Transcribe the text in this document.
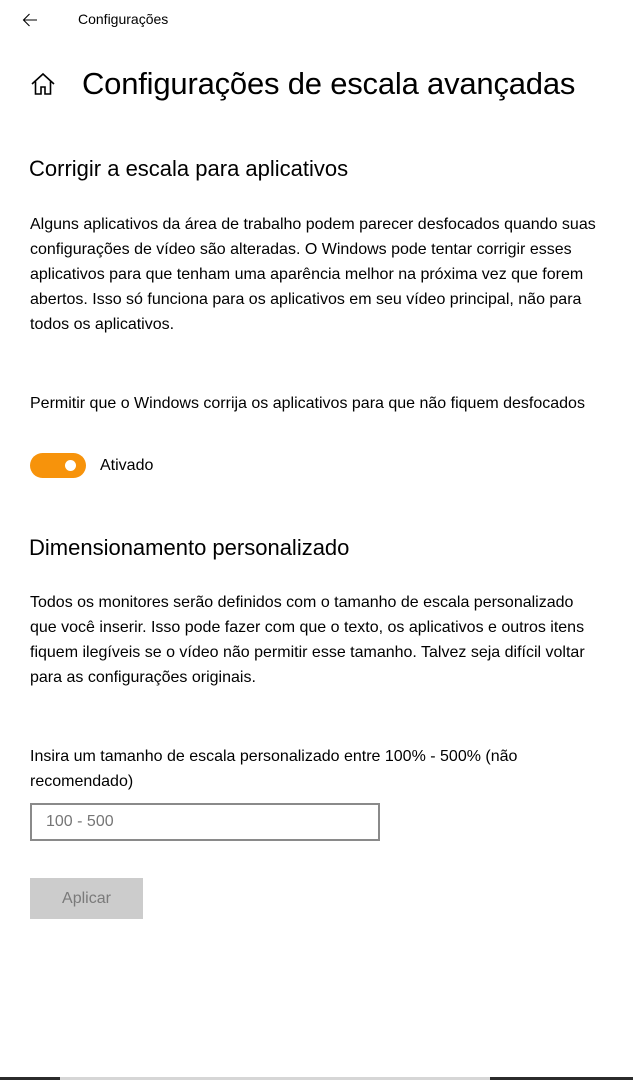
Configurações
Configurações de escala avançadas
Corrigir a escala para aplicativos
Alguns aplicativos da área de trabalho podem parecer desfocados quando suas configurações de vídeo são alteradas. O Windows pode tentar corrigir esses aplicativos para que tenham uma aparência melhor na próxima vez que forem abertos. Isso só funciona para os aplicativos em seu vídeo principal, não para todos os aplicativos.
Permitir que o Windows corrija os aplicativos para que não fiquem desfocados
Ativado
Dimensionamento personalizado
Todos os monitores serão definidos com o tamanho de escala personalizado que você inserir. Isso pode fazer com que o texto, os aplicativos e outros itens fiquem ilegíveis se o vídeo não permitir esse tamanho. Talvez seja difícil voltar para as configurações originais.
Insira um tamanho de escala personalizado entre 100% - 500% (não recomendado)
100 - 500
Aplicar
